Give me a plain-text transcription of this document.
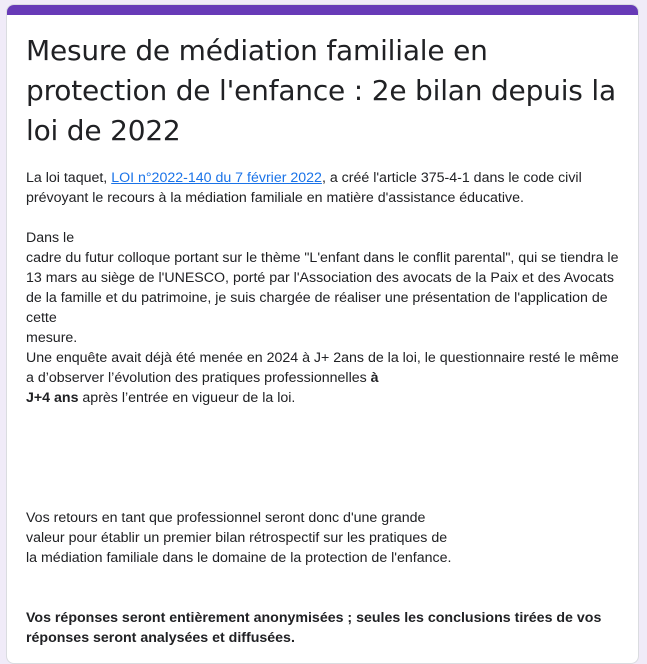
Mesure de médiation familiale en protection de l'enfance : 2e bilan depuis la loi de 2022

La loi taquet, LOI n°2022-140 du 7 février 2022, a créé l'article 375-4-1 dans le code civil prévoyant le recours à la médiation familiale en matière d'assistance éducative.

Dans le

cadre du futur colloque portant sur le thème "L'enfant dans le conflit parental", qui se tiendra le 13 mars au siège de l'UNESCO, porté par l'Association des avocats de la Paix et des Avocats de la famille et du patrimoine, je suis chargée de réaliser une présentation de l'application de cette

mesure.

Une enquête avait déjà été menée en 2024 à J+ 2ans de la loi, le questionnaire resté le même a d’observer l’évolution des pratiques professionnelles à
J+4 ans après l’entrée en vigueur de la loi.

Vos retours en tant que professionnel seront donc d'une grande

valeur pour établir un premier bilan rétrospectif sur les pratiques de

la médiation familiale dans le domaine de la protection de l'enfance.

Vos réponses seront entièrement anonymisées ; seules les conclusions tirées de vos réponses seront analysées et diffusées.
